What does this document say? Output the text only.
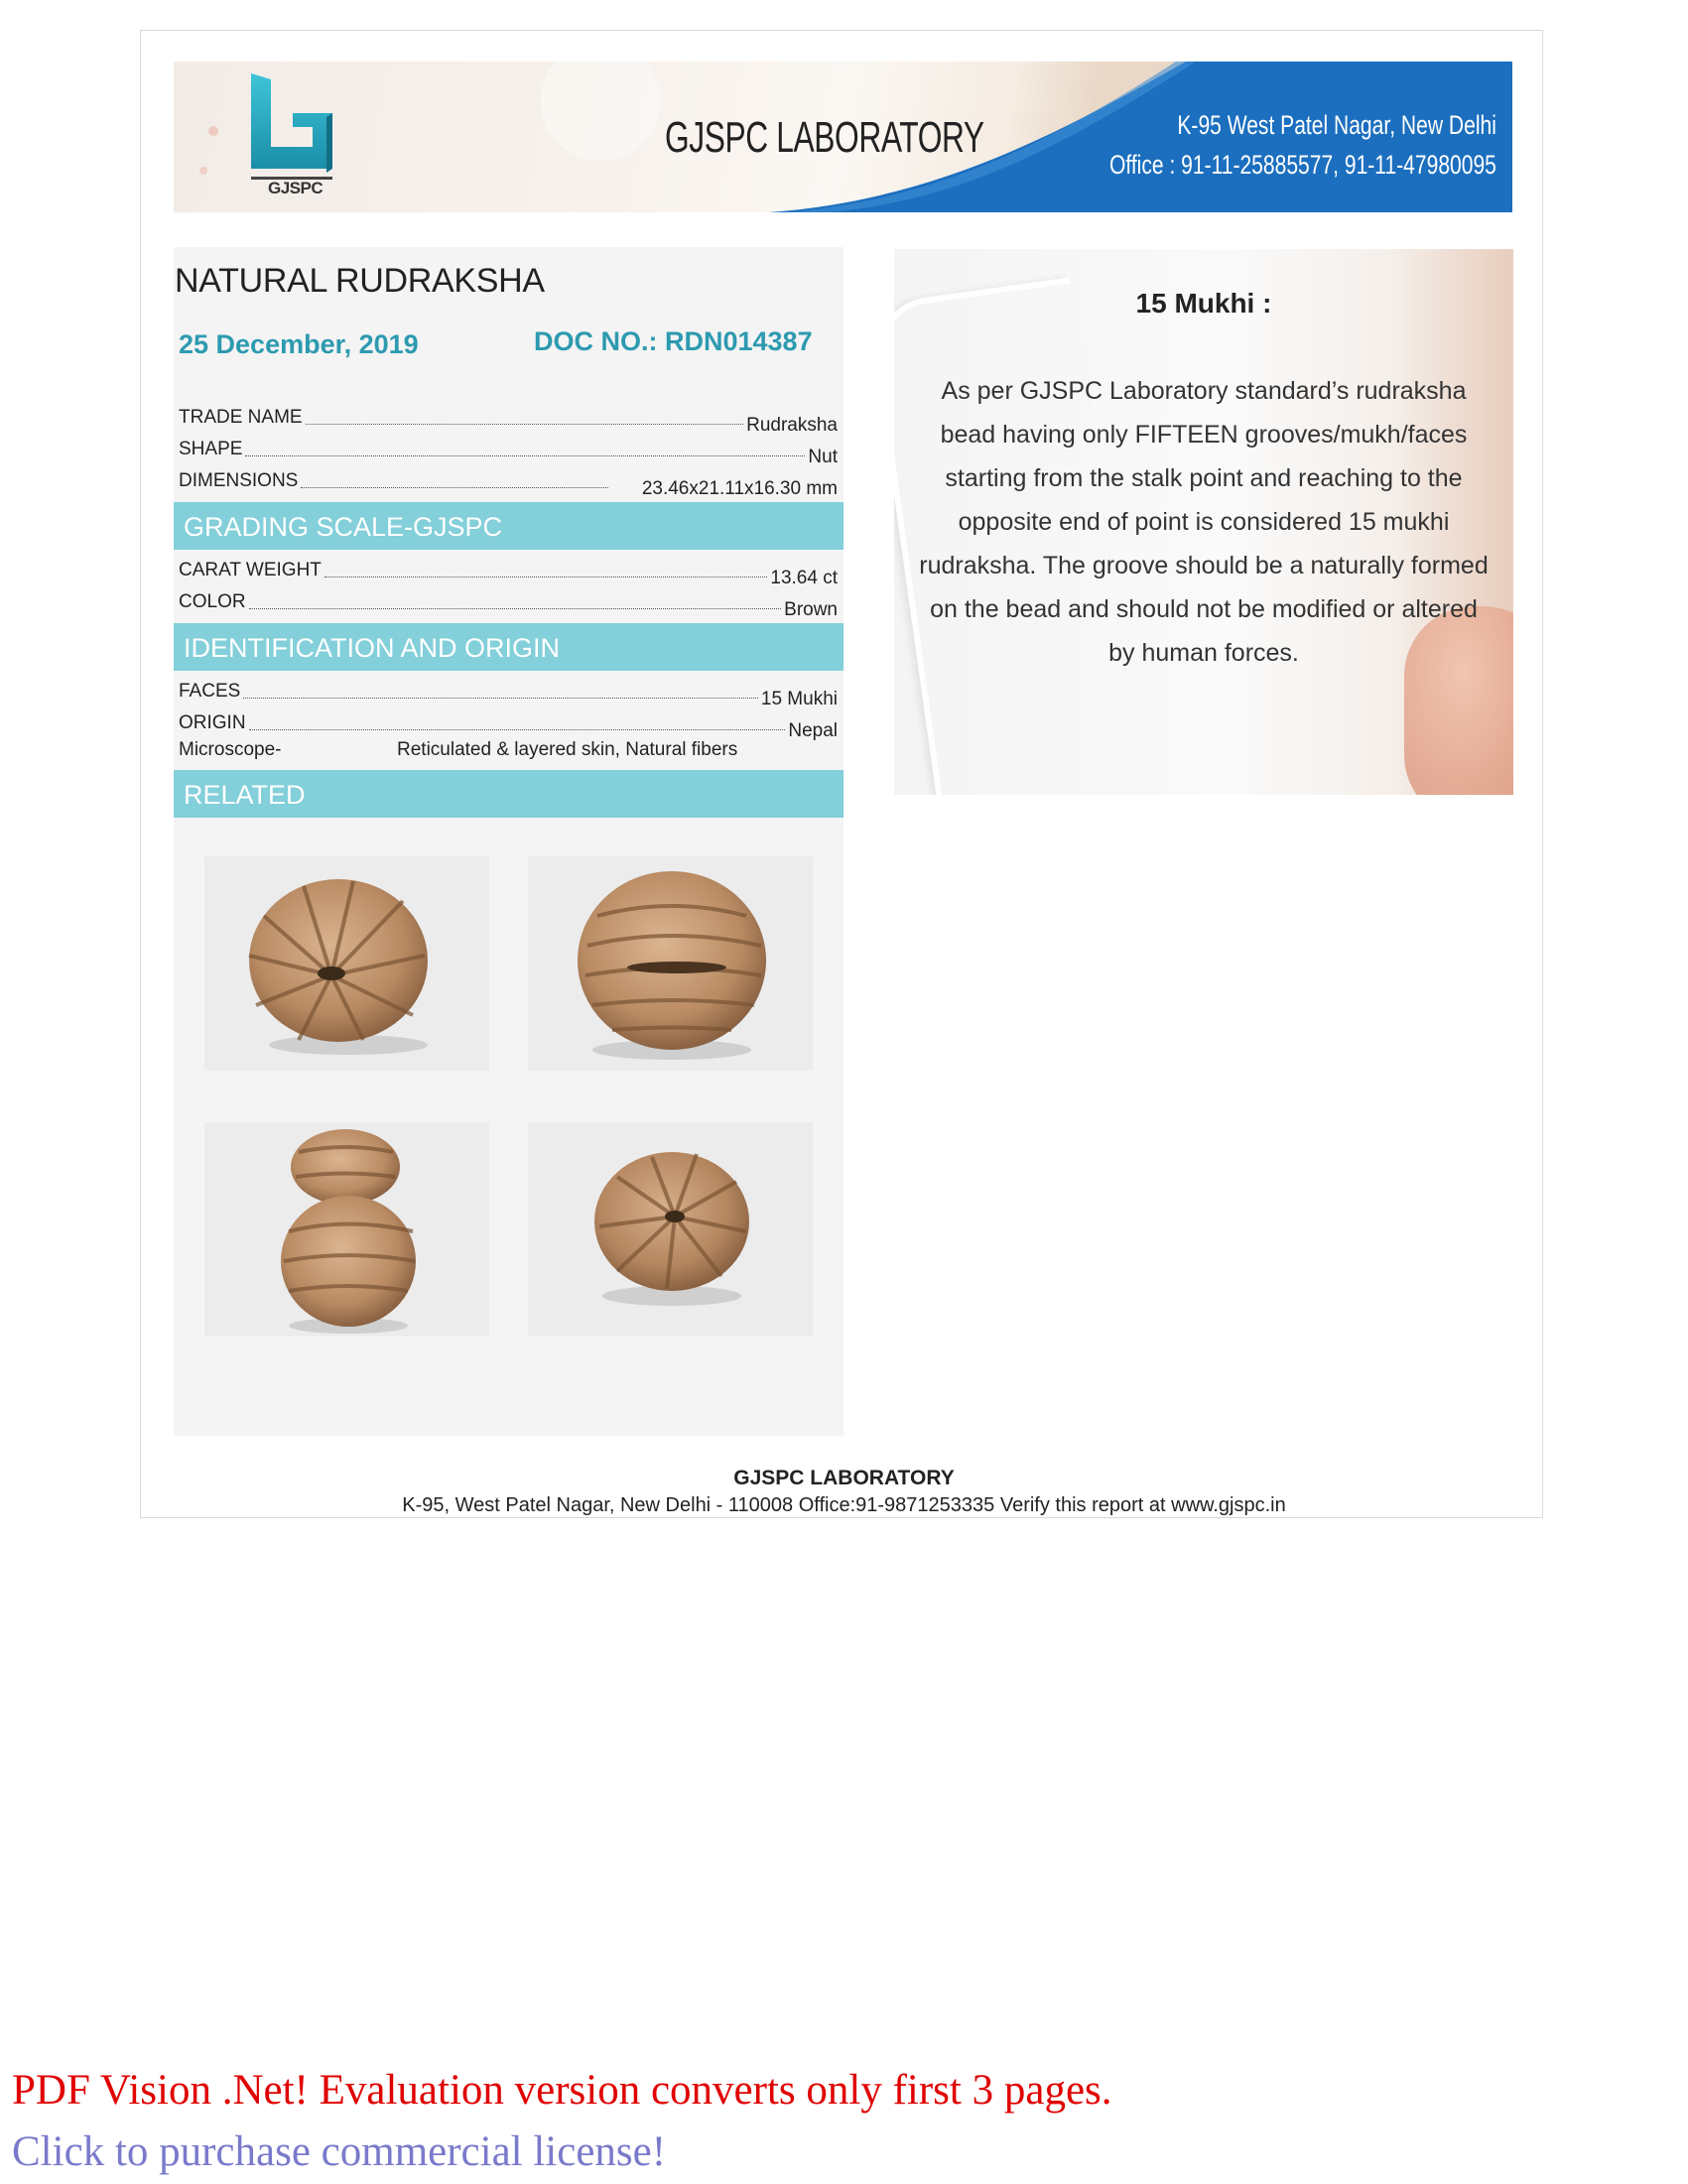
GJSPC
GJSPC LABORATORY	K-95 West Patel Nagar, New Delhi
Office : 91-11-25885577, 91-11-47980095
NATURAL RUDRAKSHA
25 December, 2019	DOC NO.: RDN014387
TRADE NAME	Rudraksha
SHAPE	Nut
DIMENSIONS	23.46x21.11x16.30 mm
GRADING SCALE-GJSPC
CARAT WEIGHT	13.64 ct
COLOR	Brown
IDENTIFICATION AND ORIGIN
FACES	15 Mukhi
ORIGIN	Nepal
Microscope-	Reticulated & layered skin, Natural fibers
RELATED
15 Mukhi :
As per GJSPC Laboratory standard’s rudraksha bead having only FIFTEEN grooves/mukh/faces starting from the stalk point and reaching to the opposite end of point is considered 15 mukhi rudraksha. The groove should be a naturally formed on the bead and should not be modified or altered by human forces.
GJSPC LABORATORY
K-95, West Patel Nagar, New Delhi - 110008 Office:91-9871253335 Verify this report at www.gjspc.in
PDF Vision .Net! Evaluation version converts only first 3 pages.
Click to purchase commercial license!
